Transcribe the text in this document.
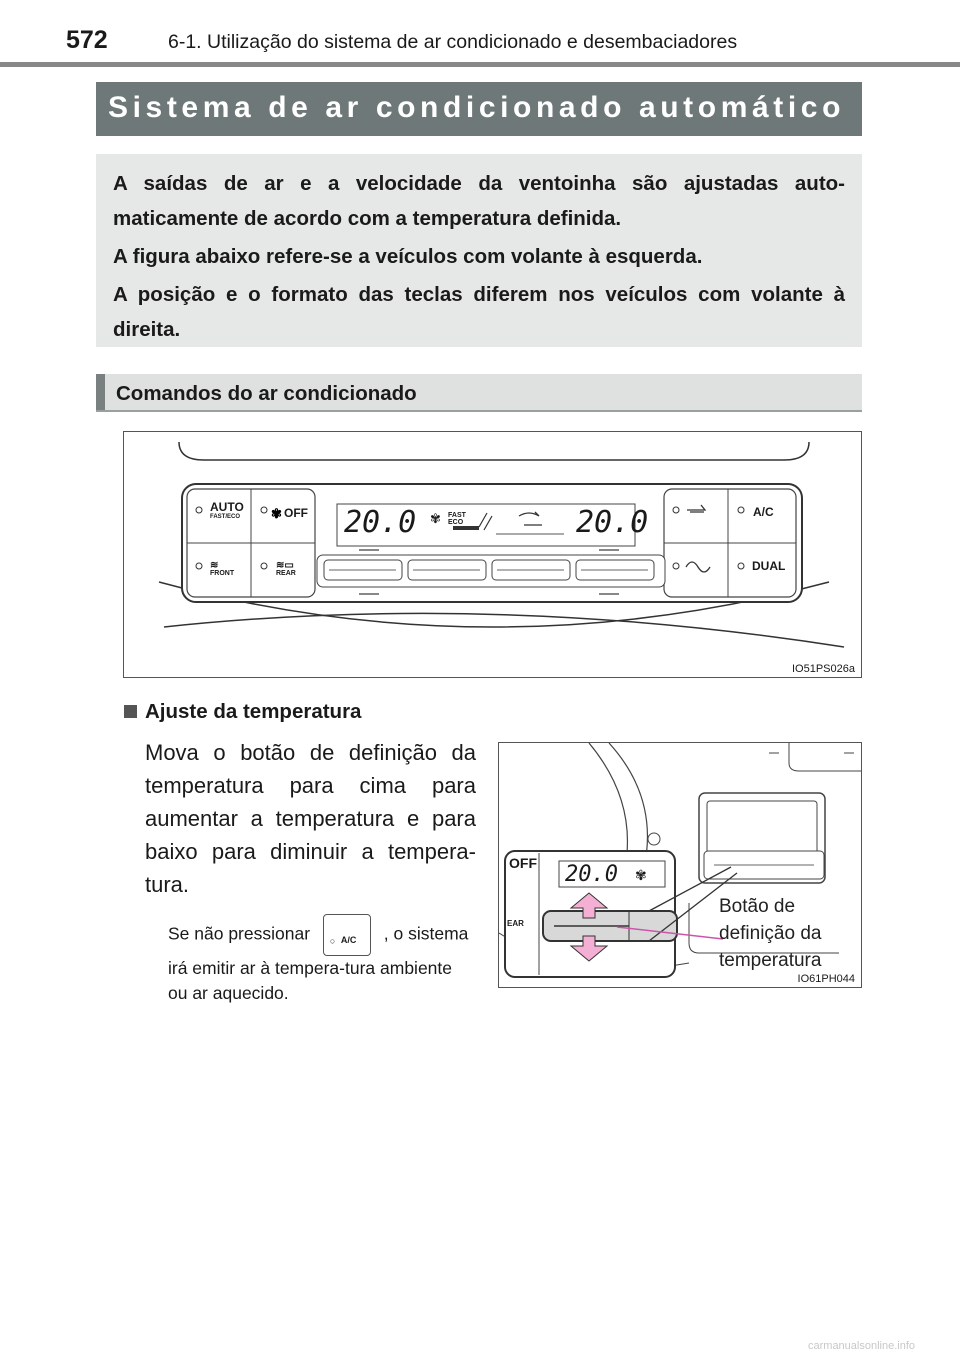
572	6-1. Utilização do sistema de ar condicionado e desembaciadores
Sistema de ar condicionado automático

A saídas de ar e a velocidade da ventoinha são ajustadas auto-maticamente de acordo com a temperatura definida.

A figura abaixo refere-se a veículos com volante à esquerda.

A posição e o formato das teclas diferem nos veículos com volante à direita.

Comandos do ar condicionado
✾
AUTO
FAST/ECO	OFF
≋
FRONT
≋▭
REAR
A/C
DUAL
20.0	20.0
✾ FAST
ECO
IO51PS026a
Ajuste da temperatura

Mova o botão de definição da temperatura para cima para aumentar a temperatura e para baixo para diminuir a tempera-tura.

Se não pressionar ○ A/C , o sistema irá emitir ar à tempera-tura ambiente ou ar aquecido.
OFF
EAR
20.0 ✾
Botão de
definição da
temperatura
IO61PH044
carmanualsonline.info
